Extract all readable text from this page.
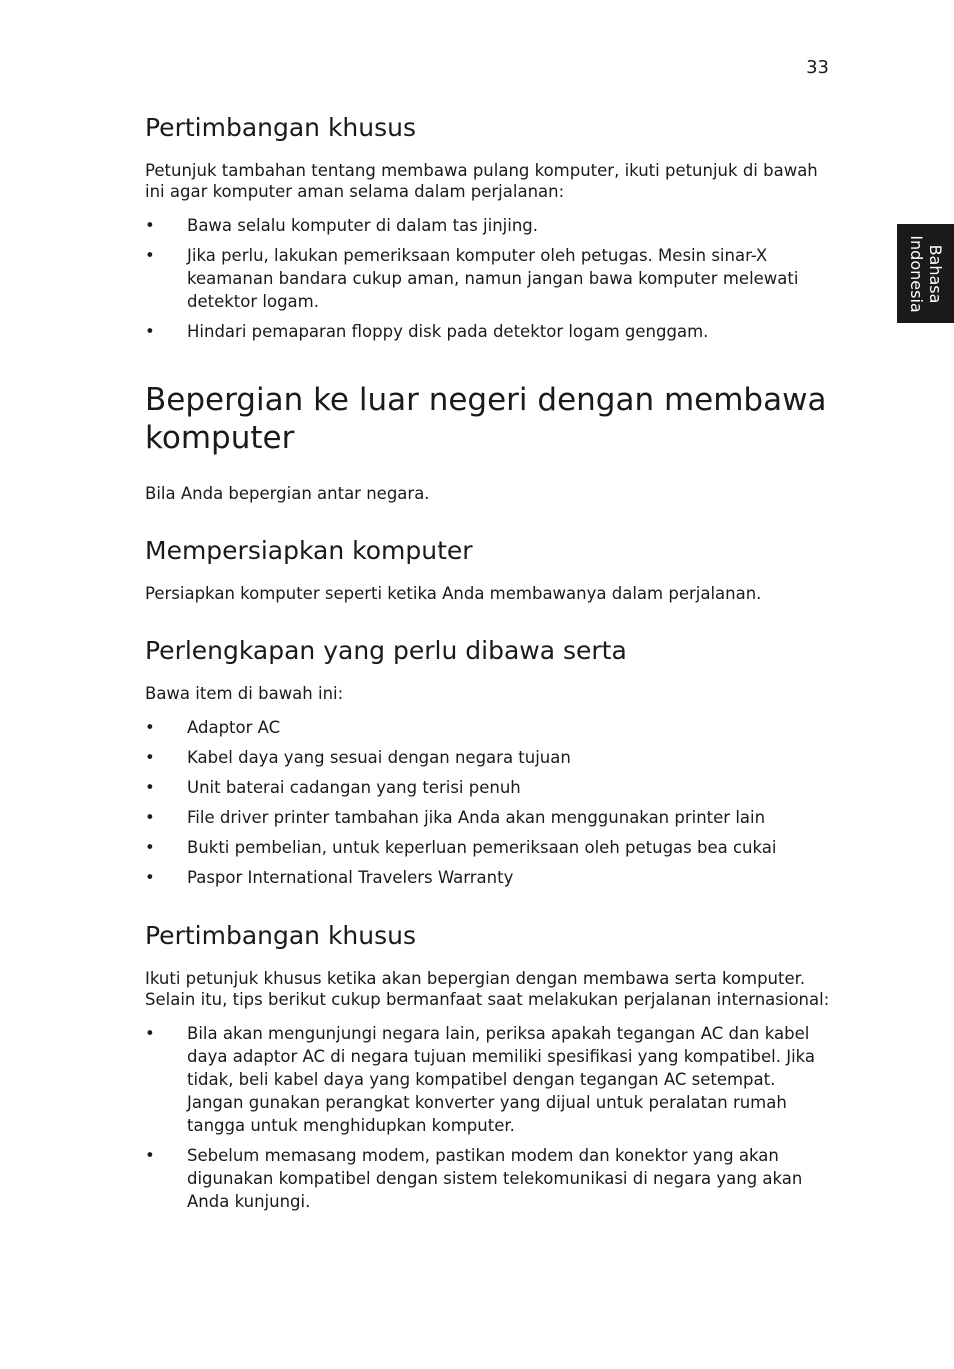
33
Bahasa
Indonesia
Pertimbangan khusus

Petunjuk tambahan tentang membawa pulang komputer, ikuti petunjuk di bawah ini agar komputer aman selama dalam perjalanan:

• Bawa selalu komputer di dalam tas jinjing.
• Jika perlu, lakukan pemeriksaan komputer oleh petugas. Mesin sinar-X keamanan bandara cukup aman, namun jangan bawa komputer melewati detektor logam.
• Hindari pemaparan floppy disk pada detektor logam genggam.
Bepergian ke luar negeri dengan membawa komputer

Bila Anda bepergian antar negara.

Mempersiapkan komputer

Persiapkan komputer seperti ketika Anda membawanya dalam perjalanan.

Perlengkapan yang perlu dibawa serta

Bawa item di bawah ini:

• Adaptor AC
• Kabel daya yang sesuai dengan negara tujuan
• Unit baterai cadangan yang terisi penuh
• File driver printer tambahan jika Anda akan menggunakan printer lain
• Bukti pembelian, untuk keperluan pemeriksaan oleh petugas bea cukai
• Paspor International Travelers Warranty
Pertimbangan khusus

Ikuti petunjuk khusus ketika akan bepergian dengan membawa serta komputer. Selain itu, tips berikut cukup bermanfaat saat melakukan perjalanan internasional:

• Bila akan mengunjungi negara lain, periksa apakah tegangan AC dan kabel daya adaptor AC di negara tujuan memiliki spesifikasi yang kompatibel. Jika tidak, beli kabel daya yang kompatibel dengan tegangan AC setempat. Jangan gunakan perangkat konverter yang dijual untuk peralatan rumah tangga untuk menghidupkan komputer.
• Sebelum memasang modem, pastikan modem dan konektor yang akan digunakan kompatibel dengan sistem telekomunikasi di negara yang akan Anda kunjungi.
